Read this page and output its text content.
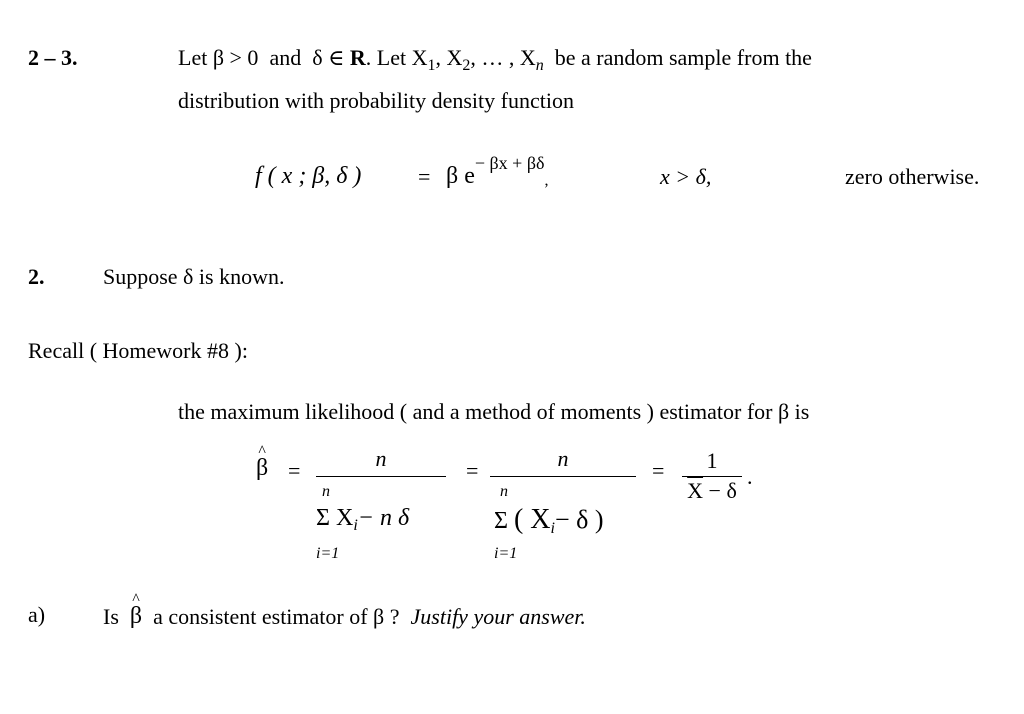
2 – 3.	Let β > 0 and δ ∈ R. Let $X_1$, $X_2$, … , $X_n$ be a random sample from the
distribution with probability density function
f ( x ; β, δ )	= β $e^{- \beta x + \beta\delta}$,	x > δ,	zero otherwise.
2.	Suppose δ is known.
Recall ( Homework #8 ):
the maximum likelihood ( and a method of moments ) estimator for β is
^
β =	n
n
Σ $X_i- n$ δ
i=1
=	n
n
Σ ( $X_i- \delta$ )
i=1
= $\frac{1}{\overline{X} - \delta}$ .
a)	Is
^
β a consistent estimator of β ? Justify your answer.
